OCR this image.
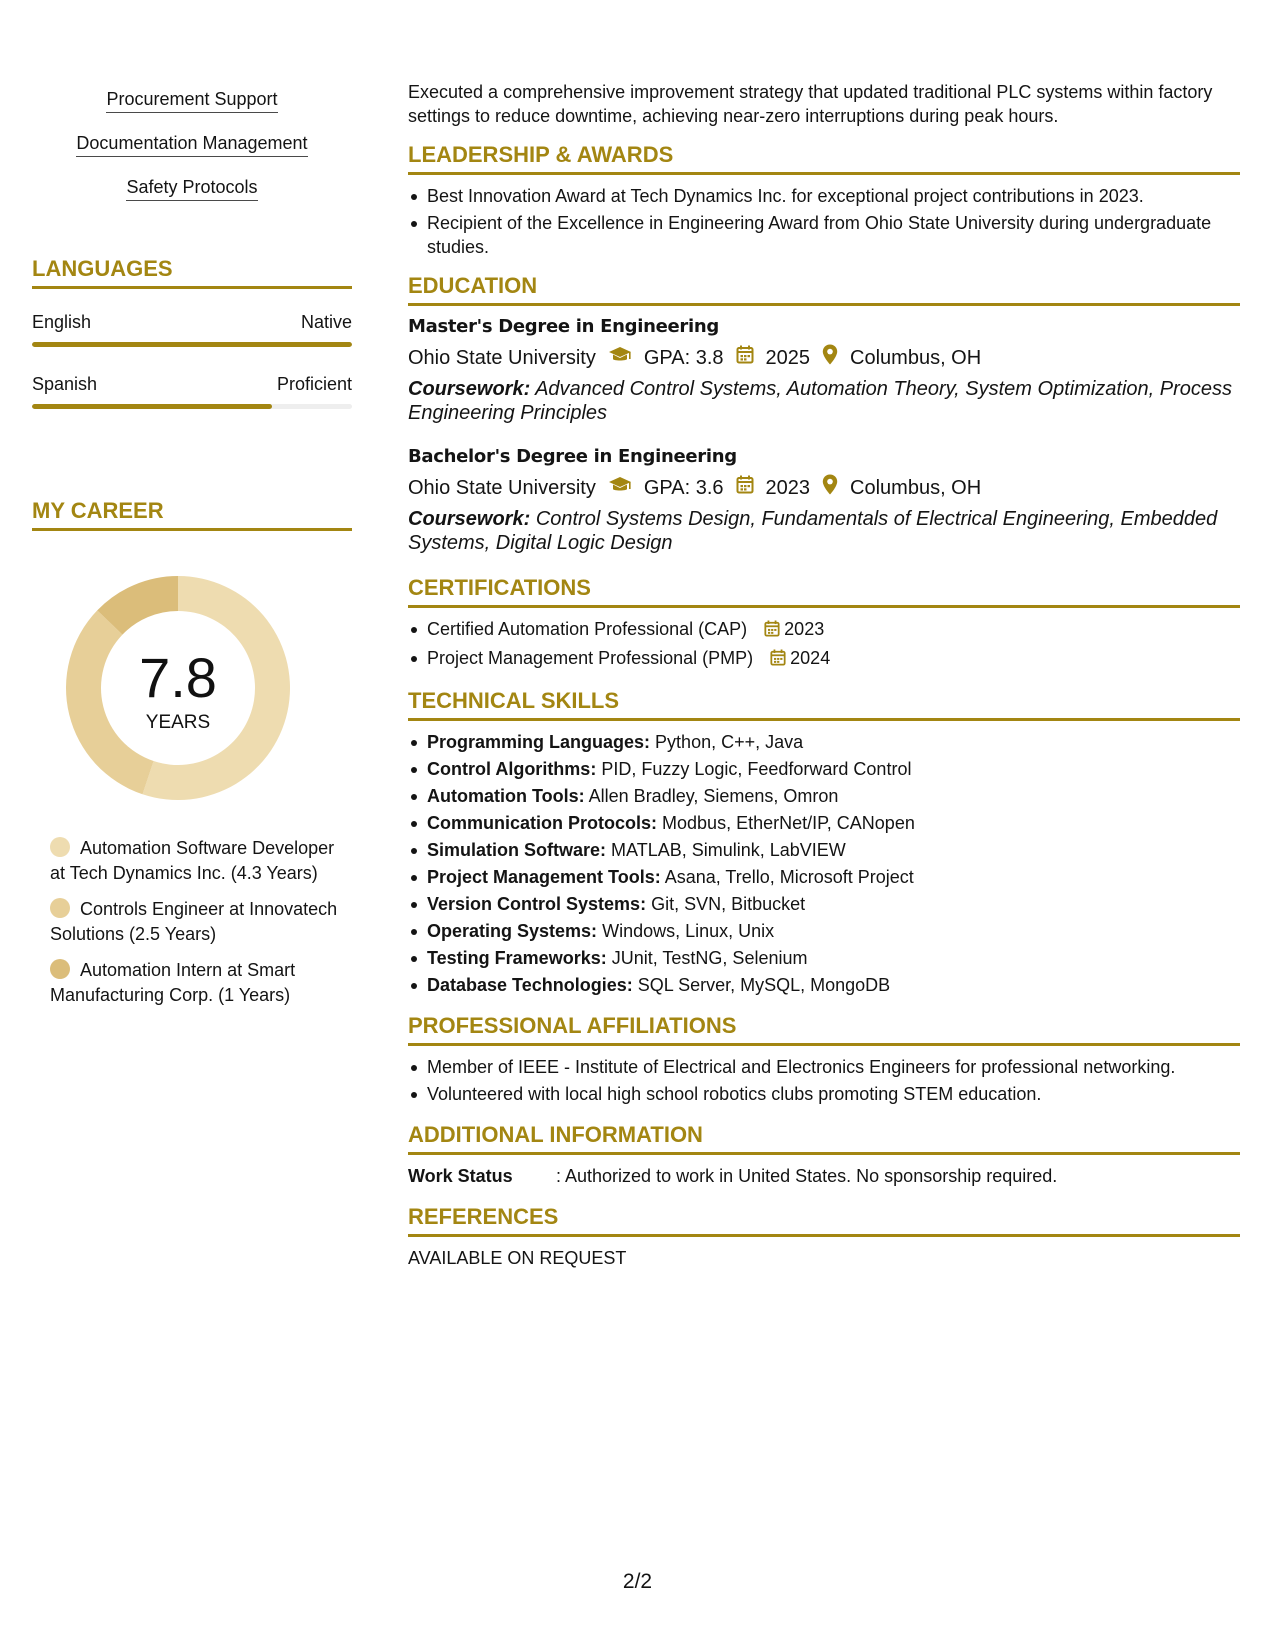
Procurement Support
Documentation Management
Safety Protocols
LANGUAGES
English	Native
Spanish	Proficient
MY CAREER
7.8
YEARS
Automation Software Developer at Tech Dynamics Inc. (4.3 Years)
Controls Engineer at Innovatech Solutions (2.5 Years)
Automation Intern at Smart Manufacturing Corp. (1 Years)

Executed a comprehensive improvement strategy that updated traditional PLC systems within factory settings to reduce downtime, achieving near-zero interruptions during peak hours.

LEADERSHIP & AWARDS
Best Innovation Award at Tech Dynamics Inc. for exceptional project contributions in 2023.
Recipient of the Excellence in Engineering Award from Ohio State University during undergraduate studies.
EDUCATION
Master's Degree in Engineering
Ohio State University GPA: 3.8 2025 Columbus, OH
Coursework: Advanced Control Systems, Automation Theory, System Optimization, Process Engineering Principles
Bachelor's Degree in Engineering
Ohio State University GPA: 3.6 2023 Columbus, OH
Coursework: Control Systems Design, Fundamentals of Electrical Engineering, Embedded Systems, Digital Logic Design
CERTIFICATIONS
Certified Automation Professional (CAP) 2023
Project Management Professional (PMP) 2024
TECHNICAL SKILLS
Programming Languages: Python, C++, Java
Control Algorithms: PID, Fuzzy Logic, Feedforward Control
Automation Tools: Allen Bradley, Siemens, Omron
Communication Protocols: Modbus, EtherNet/IP, CANopen
Simulation Software: MATLAB, Simulink, LabVIEW
Project Management Tools: Asana, Trello, Microsoft Project
Version Control Systems: Git, SVN, Bitbucket
Operating Systems: Windows, Linux, Unix
Testing Frameworks: JUnit, TestNG, Selenium
Database Technologies: SQL Server, MySQL, MongoDB
PROFESSIONAL AFFILIATIONS
Member of IEEE - Institute of Electrical and Electronics Engineers for professional networking.
Volunteered with local high school robotics clubs promoting STEM education.
ADDITIONAL INFORMATION
Work Status	: Authorized to work in United States. No sponsorship required.
REFERENCES
AVAILABLE ON REQUEST
2/2
